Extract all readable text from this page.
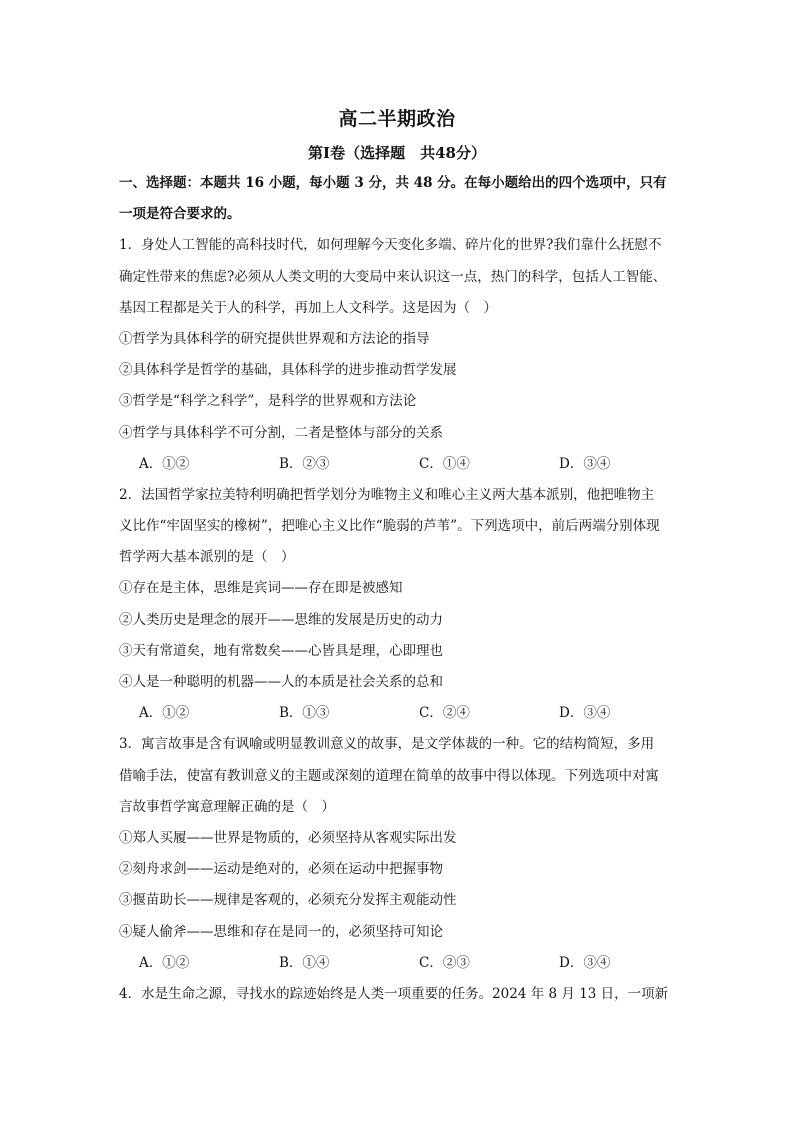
高二半期政治
第Ⅰ卷（选择题　共48分）
一、选择题：本题共 16 小题，每小题 3 分，共 48 分。在每小题给出的四个选项中，只有
一项是符合要求的。
1．身处人工智能的高科技时代，如何理解今天变化多端、碎片化的世界?我们靠什么抚慰不
确定性带来的焦虑?必须从人类文明的大变局中来认识这一点，热门的科学，包括人工智能、
基因工程都是关于人的科学，再加上人文科学。这是因为（　）
①哲学为具体科学的研究提供世界观和方法论的指导
②具体科学是哲学的基础，具体科学的进步推动哲学发展
③哲学是“科学之科学”，是科学的世界观和方法论
④哲学与具体科学不可分割，二者是整体与部分的关系
A．①②	B．②③	C．①④	D．③④
2．法国哲学家拉美特利明确把哲学划分为唯物主义和唯心主义两大基本派别，他把唯物主
义比作“牢固坚实的橡树”，把唯心主义比作“脆弱的芦苇”。下列选项中，前后两端分别体现
哲学两大基本派别的是（　）
①存在是主体，思维是宾词——存在即是被感知
②人类历史是理念的展开——思维的发展是历史的动力
③天有常道矣，地有常数矣——心皆具是理，心即理也
④人是一种聪明的机器——人的本质是社会关系的总和
A．①②	B．①③	C．②④	D．③④
3．寓言故事是含有讽喻或明显教训意义的故事，是文学体裁的一种。它的结构简短，多用
借喻手法，使富有教训意义的主题或深刻的道理在简单的故事中得以体现。下列选项中对寓
言故事哲学寓意理解正确的是（　）
①郑人买履——世界是物质的，必须坚持从客观实际出发
②刻舟求剑——运动是绝对的，必须在运动中把握事物
③揠苗助长——规律是客观的，必须充分发挥主观能动性
④疑人偷斧——思维和存在是同一的，必须坚持可知论
A．①②	B．①④	C．②③	D．③④
4．水是生命之源，寻找水的踪迹始终是人类一项重要的任务。2024 年 8 月 13 日，一项新
